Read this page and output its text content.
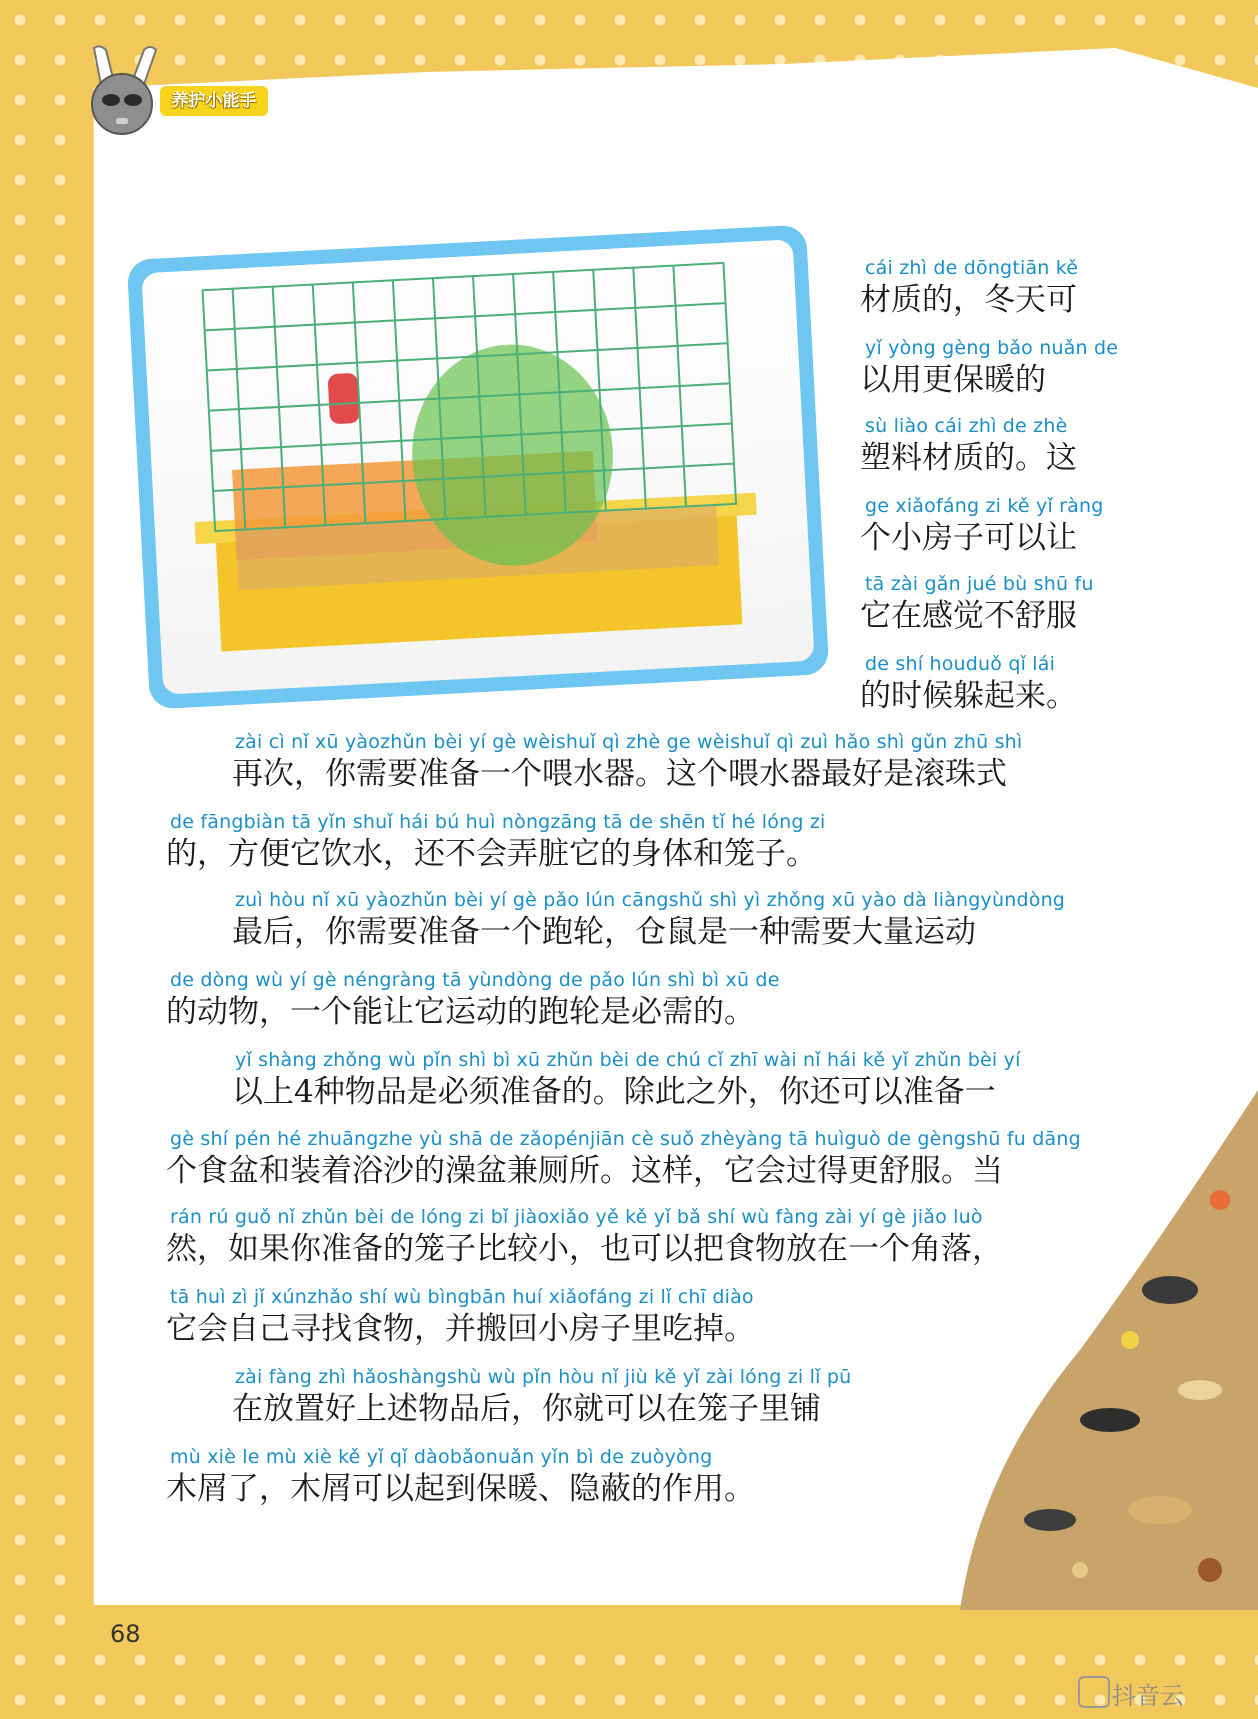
养护小能手
cái zhì de dōngtiān kě
材质的，冬天可
yǐ yòng gèng bǎo nuǎn de
以用更保暖的
sù liào cái zhì de zhè
塑料材质的。这
ge xiǎofáng zi kě yǐ ràng
个小房子可以让
tā zài gǎn jué bù shū fu
它在感觉不舒服
de shí houduǒ qǐ lái
的时候躲起来。
zài cì nǐ xū yàozhǔn bèi yí gè wèishuǐ qì zhè ge wèishuǐ qì zuì hǎo shì gǔn zhū shì
再次，你需要准备一个喂水器。这个喂水器最好是滚珠式
de fāngbiàn tā yǐn shuǐ hái bú huì nòngzāng tā de shēn tǐ hé lóng zi
的，方便它饮水，还不会弄脏它的身体和笼子。
zuì hòu nǐ xū yàozhǔn bèi yí gè pǎo lún cāngshǔ shì yì zhǒng xū yào dà liàngyùndòng
最后，你需要准备一个跑轮，仓鼠是一种需要大量运动
de dòng wù yí gè néngràng tā yùndòng de pǎo lún shì bì xū de
的动物，一个能让它运动的跑轮是必需的。
yǐ shàng zhǒng wù pǐn shì bì xū zhǔn bèi de chú cǐ zhī wài nǐ hái kě yǐ zhǔn bèi yí
以上4种物品是必须准备的。除此之外，你还可以准备一
gè shí pén hé zhuāngzhe yù shā de zǎopénjiān cè suǒ zhèyàng tā huìguò de gèngshū fu dāng
个食盆和装着浴沙的澡盆兼厕所。这样，它会过得更舒服。当
rán rú guǒ nǐ zhǔn bèi de lóng zi bǐ jiàoxiǎo yě kě yǐ bǎ shí wù fàng zài yí gè jiǎo luò
然，如果你准备的笼子比较小，也可以把食物放在一个角落，
tā huì zì jǐ xúnzhǎo shí wù bìngbān huí xiǎofáng zi lǐ chī diào
它会自己寻找食物，并搬回小房子里吃掉。
zài fàng zhì hǎoshàngshù wù pǐn hòu nǐ jiù kě yǐ zài lóng zi lǐ pū
在放置好上述物品后，你就可以在笼子里铺
mù xiè le mù xiè kě yǐ qǐ dàobǎonuǎn yǐn bì de zuòyòng
木屑了，木屑可以起到保暖、隐蔽的作用。
68
抖音云
